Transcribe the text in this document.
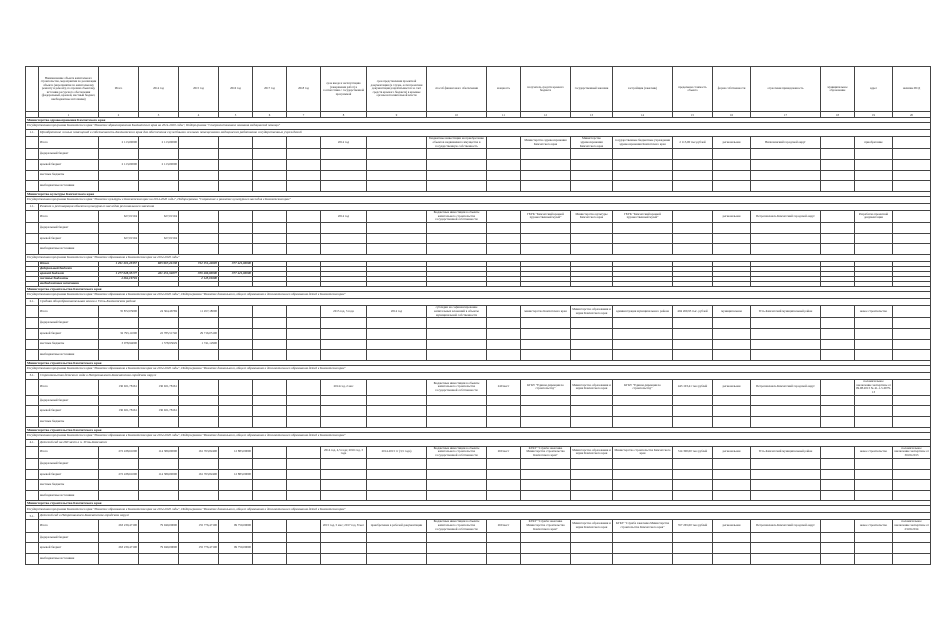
	Наименование объекта капитального строительства, мероприятия по реализации объекта (мероприятия по капитальному ремонту и ремонту, по прочим объектам), источник ресурсного обеспечения (федеральный, краевой, местный бюджет, внебюджетные источники)	Итого	2014 год	2015 год	2016 год	2017 год	2018 год	срок ввода в эксплуатацию (завершения работ) в соответствии с государственной программой	срок представления проектной документации (в случае, если проектная документация разрабатывается за счет средств краевого бюджета) в краевые органы исполнительной власти	способ финансового обеспечения	мощность	получатель средств краевого бюджета	государственный заказчик	застройщик (заказчик)	предельная стоимость объекта	форма собственности	отраслевая принадлежность	муниципальное образование	адрес	наличие ПСД
	1	2	3	4	5	6	7	8	9	10	11	12	13	14	15	16	17	18	19	20
Министерство здравоохранения Камчатского края																				
Государственная программа Камчатского края "Развитие здравоохранения Камчатского края на 2014-2020 годы", Подпрограмма "Совершенствование оказания медицинской помощи"																				
1.1.	Приобретение жилых помещений в собственность Камчатского края для обеспечения служебными жилыми помещениями медицинских работников государственных учреждений																			
	Итого	2 113,00000	2 113,00000					2014 год		Бюджетные инвестиции на приобретение объектов недвижимого имущества в государственную собственность		Министерство здравоохранения Камчатского края	Министерство здравоохранения Камчатского края	государственные бюджетные учреждения здравоохранения Камчатского края	2 113,00 тыс.рублей	региональная	Вилючинский городской округ		приобретение	
	федеральный бюджет																			
	краевой бюджет	2 113,00000	2 113,00000																	
	местные бюджеты																			
	внебюджетные источники																			
Министерство культуры Камчатского края																				
Государственная программа Камчатского края "Развитие культуры в Камчатском крае на 2014-2020 годы", Подпрограмма "Сохранение и развитие культурного наследия в Камчатском крае"																				
1.1.	Ремонт и реставрация объекта культурного наследия регионального значения																			
	Итого	627,01504	627,01504					2014 год		Бюджетные инвестиции в объекты капитального строительства государственной собственности		ГБУК "Камчатский краевой художественный музей"	Министерство культуры Камчатского края	ГБУК "Камчатский краевой художественный музей"		региональная	Петропавловск-Камчатский городской округ		Разработка проектной документации	
	федеральный бюджет																			
	краевой бюджет	627,01504	627,01504																	
	внебюджетные источники																			
Государственная программа Камчатского края "Развитие образования в Камчатском крае на 2014-2020 годы"																				
	Итого	1 291 201,23357	865 967,22138	722 151,42695	377 421,00000															
	федеральный бюджет																			
	краевой бюджет	1 277 028,35177	461 451,34877	359 496,00000	377 421,00000															
	местные бюджеты	4 264,19704		2 145,01600																
	внебюджетные источники																			
Министерство строительства Камчатского края																				
Государственная программа Камчатского края "Развитие образования в Камчатском крае на 2014-2020 годы", Подпрограмма "Развитие дошкольного, общего образования и дополнительного образования детей в Камчатском крае"																				
2.1.	Средняя общеобразовательная школа в Усть-Камчатском районе																			
	Итого	35 872,05000	24 364,46769	11 457,18000				2015 год, 3 года	2014 год	субсидии на софинансирование капитальных вложений в объекты муниципальной собственности		министерство Камчатского края	Министерство образования и науки Камчатского края	администрация муниципального района	494 260,95 тыс. рублей	муниципальная	Усть-Камчатский муниципальный район		новое строительство	
	федеральный бюджет																			
	краевой бюджет	32 793,11000	22 785,51740	29 716,05100																
	местные бюджеты	3 078,94000	1 578,95029	1 741,12900																
	внебюджетные источники																			
Министерство строительства Камчатского края																				
Государственная программа Камчатского края "Развитие образования в Камчатском крае на 2014-2020 годы", Подпрограмма "Развитие дошкольного, общего образования и дополнительного образования детей в Камчатском крае"																				
3.1.	Строительство детского сада в Петропавловск-Камчатском городском округе																			
	Итого	136 921,78161	136 921,78161					2014 год, 2 мес		Бюджетные инвестиции в объекты капитального строительства государственной собственности	240 мест	КГКУ "Единая дирекция по строительству"	Министерство образования и науки Камчатского края	КГКУ "Единая дирекция по строительству"	443 103,41 тыс.рублей	региональная	Петропавловск-Камчатский городской округ		положительное заключение экспертизы от 09.08.2013 № 41-1-5-0079-13	
	федеральный бюджет																			
	краевой бюджет	136 921,78161	136 921,78161																	
	местные бюджеты																			
Министерство строительства Камчатского края																				
Государственная программа Камчатского края "Развитие образования в Камчатском крае на 2014-2020 годы", Подпрограмма "Развитие дошкольного, общего образования и дополнительного образования детей в Камчатском крае"																				
4.1.	Детский сад на 260 мест в п. Усть-Камчатск																			
	Итого	272 438,61000	114 389,00000	161 763,82400	12 883,00000			2014 год, 4,5 года; 2016 год, 3 года	2014-2015 гг (3,5 года)	Бюджетные инвестиции в объекты капитального строительства государственной собственности	260 мест	КГКУ "Служба заказчика Министерства строительства Камчатского края"	Министерство образования и науки Камчатского края	Министерство строительства Камчатского края	314 300,00 тыс.рублей	региональная	Усть-Камчатский муниципальный район		новое строительство	положительное заключение экспертизы от 30.09.2013
	федеральный бюджет																			
	краевой бюджет	272 438,61000	114 389,00000	161 763,82400	12 883,00000															
	местные бюджеты																			
	внебюджетные источники																			
Министерство строительства Камчатского края																				
Государственная программа Камчатского края "Развитие образования в Камчатском крае на 2014-2020 годы", Подпрограмма "Развитие дошкольного, общего образования и дополнительного образования детей в Камчатском крае"																				
5.1.	Детский сад в Петропавловск-Камчатском городском округе																			
	Итого	263 239,47100	79 049,00000	155 776,47100	99 750,00000			2015 год, 5 мес; 2017 год, 8 мес	приобретение в рабочей документации	Бюджетные инвестиции в объекты капитального строительства государственной собственности	260 мест	КГКУ "Служба заказчика Министерства строительства Камчатского края"	Министерство образования и науки Камчатского края	КГКУ "Служба заказчика Министерства строительства Камчатского края"	357 265,00 тыс.рублей	региональная	Петропавловск-Камчатский городской округ		новое строительство	положительное заключение экспертизы от 23.09.2014
	федеральный бюджет																			
	краевой бюджет	263 239,47100	79 049,00000	155 776,47100	99 750,00000															
	внебюджетные источники																			
